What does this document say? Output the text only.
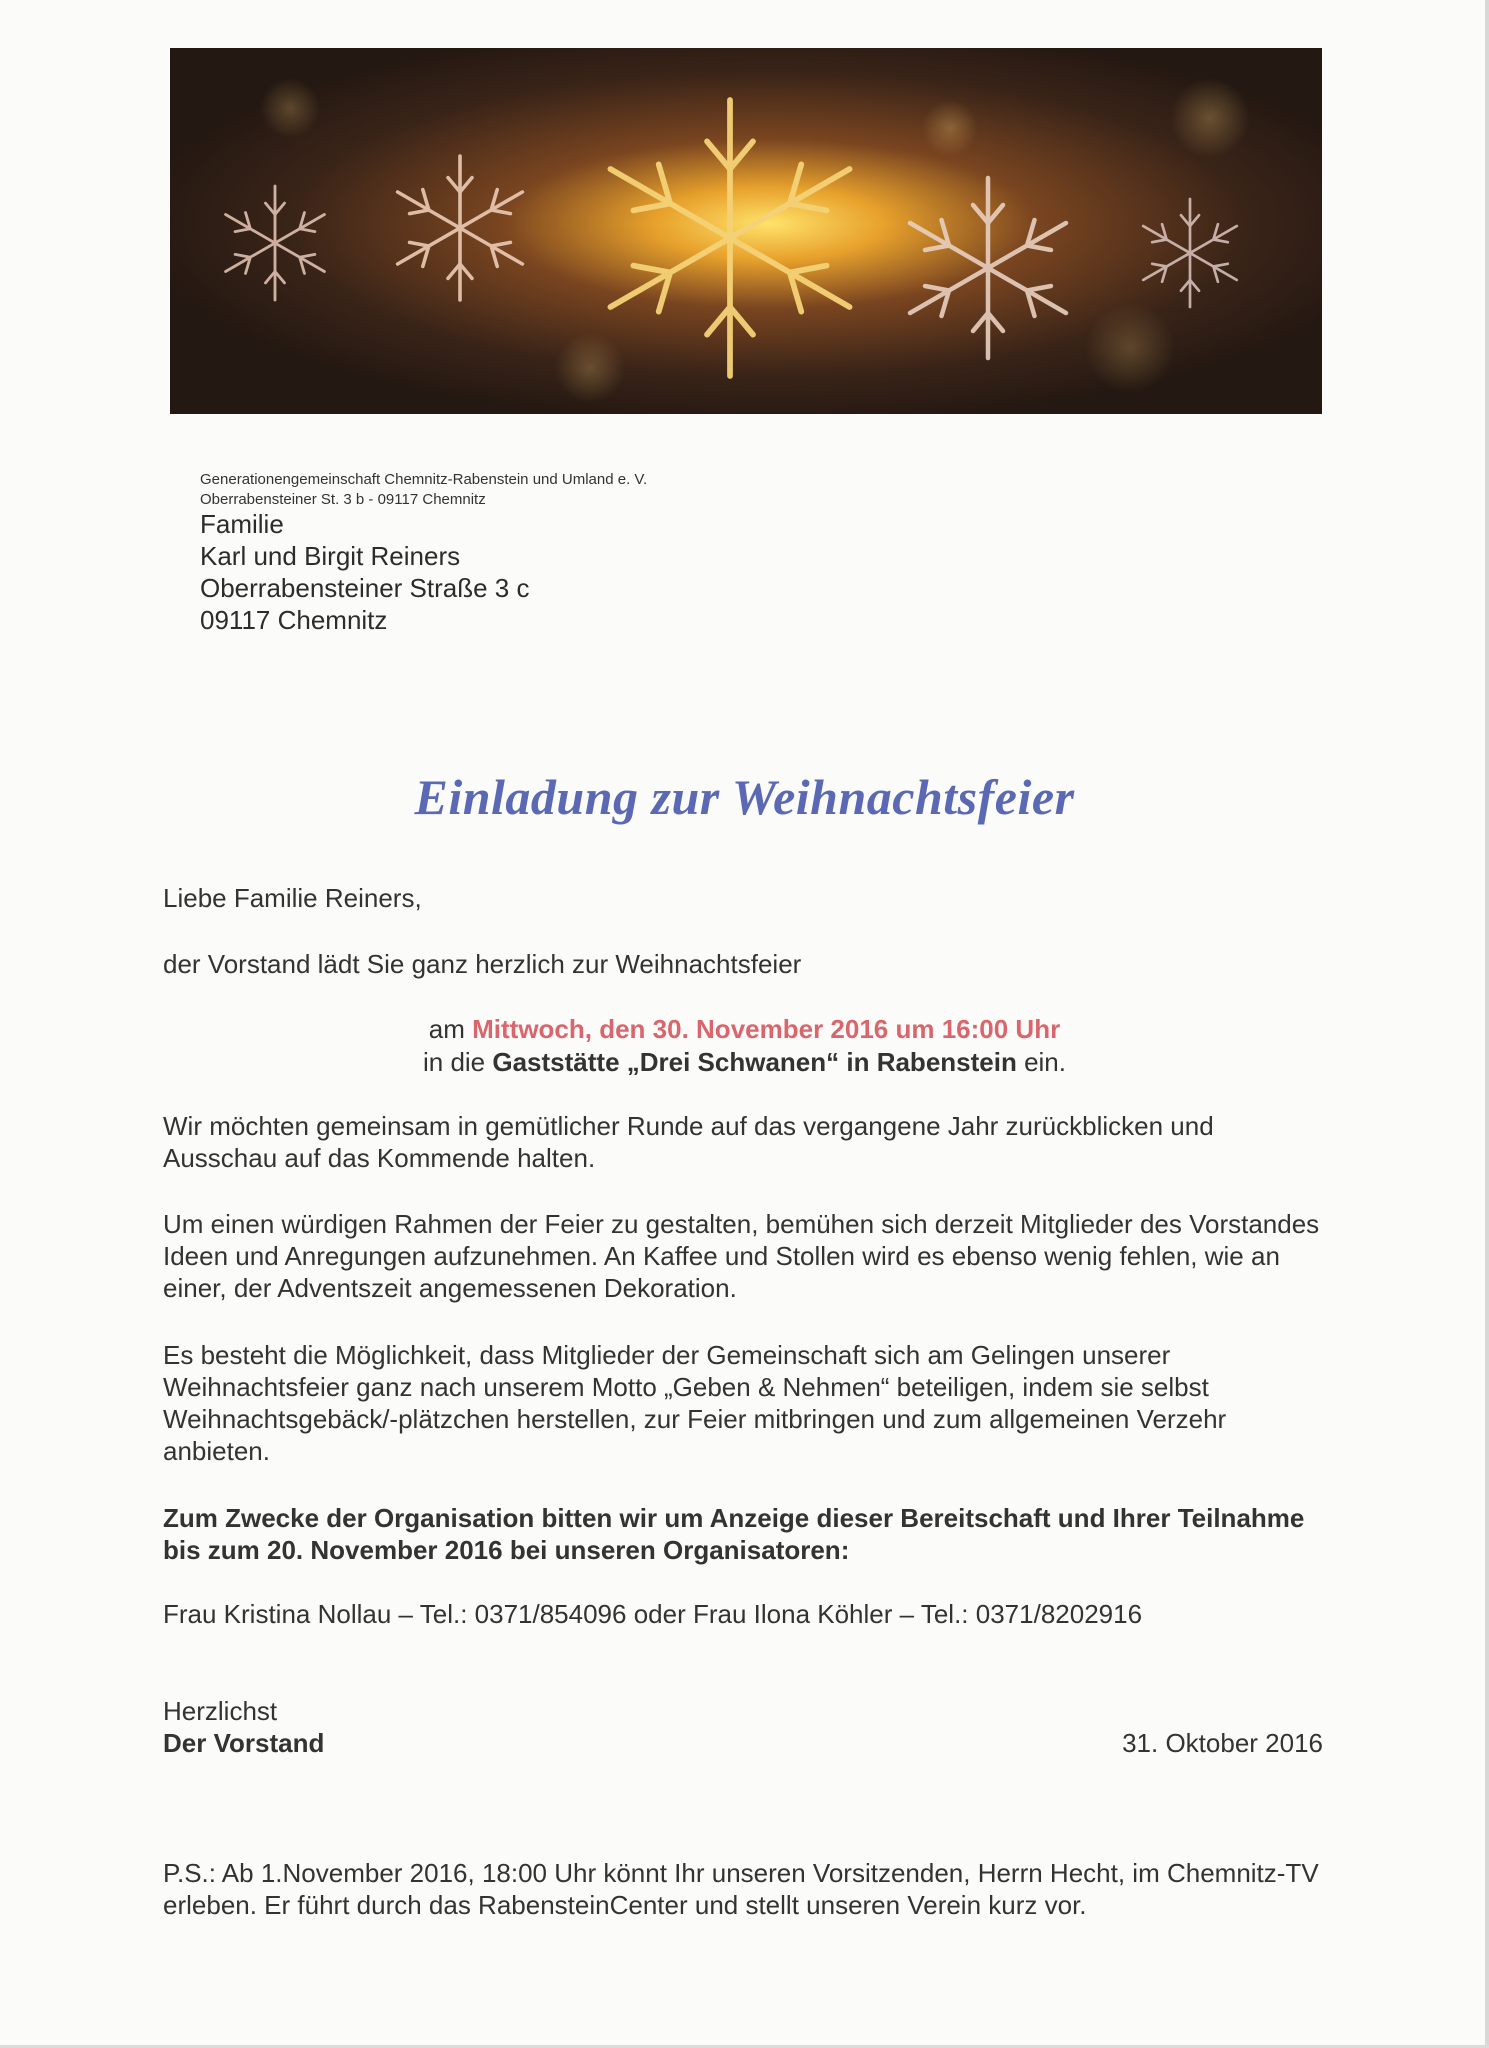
Generationengemeinschaft Chemnitz-Rabenstein und Umland e. V.
Oberrabensteiner St. 3 b - 09117 Chemnitz
Familie
Karl und Birgit Reiners
Oberrabensteiner Straße 3 c
09117 Chemnitz
Einladung zur Weihnachtsfeier
Liebe Familie Reiners,
der Vorstand lädt Sie ganz herzlich zur Weihnachtsfeier
am Mittwoch, den 30. November 2016 um 16:00 Uhr
in die Gaststätte „Drei Schwanen“ in Rabenstein ein.
Wir möchten gemeinsam in gemütlicher Runde auf das vergangene Jahr zurückblicken und Ausschau auf das Kommende halten.
Um einen würdigen Rahmen der Feier zu gestalten, bemühen sich derzeit Mitglieder des Vorstandes Ideen und Anregungen aufzunehmen. An Kaffee und Stollen wird es ebenso wenig fehlen, wie an einer, der Adventszeit angemessenen Dekoration.
Es besteht die Möglichkeit, dass Mitglieder der Gemeinschaft sich am Gelingen unserer Weihnachtsfeier ganz nach unserem Motto „Geben & Nehmen“ beteiligen, indem sie selbst Weihnachtsgebäck/-plätzchen herstellen, zur Feier mitbringen und zum allgemeinen Verzehr anbieten.
Zum Zwecke der Organisation bitten wir um Anzeige dieser Bereitschaft und Ihrer Teilnahme bis zum 20. November 2016 bei unseren Organisatoren:
Frau Kristina Nollau – Tel.: 0371/854096 oder Frau Ilona Köhler – Tel.: 0371/8202916
Herzlichst
Der Vorstand	31. Oktober 2016
P.S.: Ab 1.November 2016, 18:00 Uhr könnt Ihr unseren Vorsitzenden, Herrn Hecht, im Chemnitz-TV erleben. Er führt durch das RabensteinCenter und stellt unseren Verein kurz vor.
